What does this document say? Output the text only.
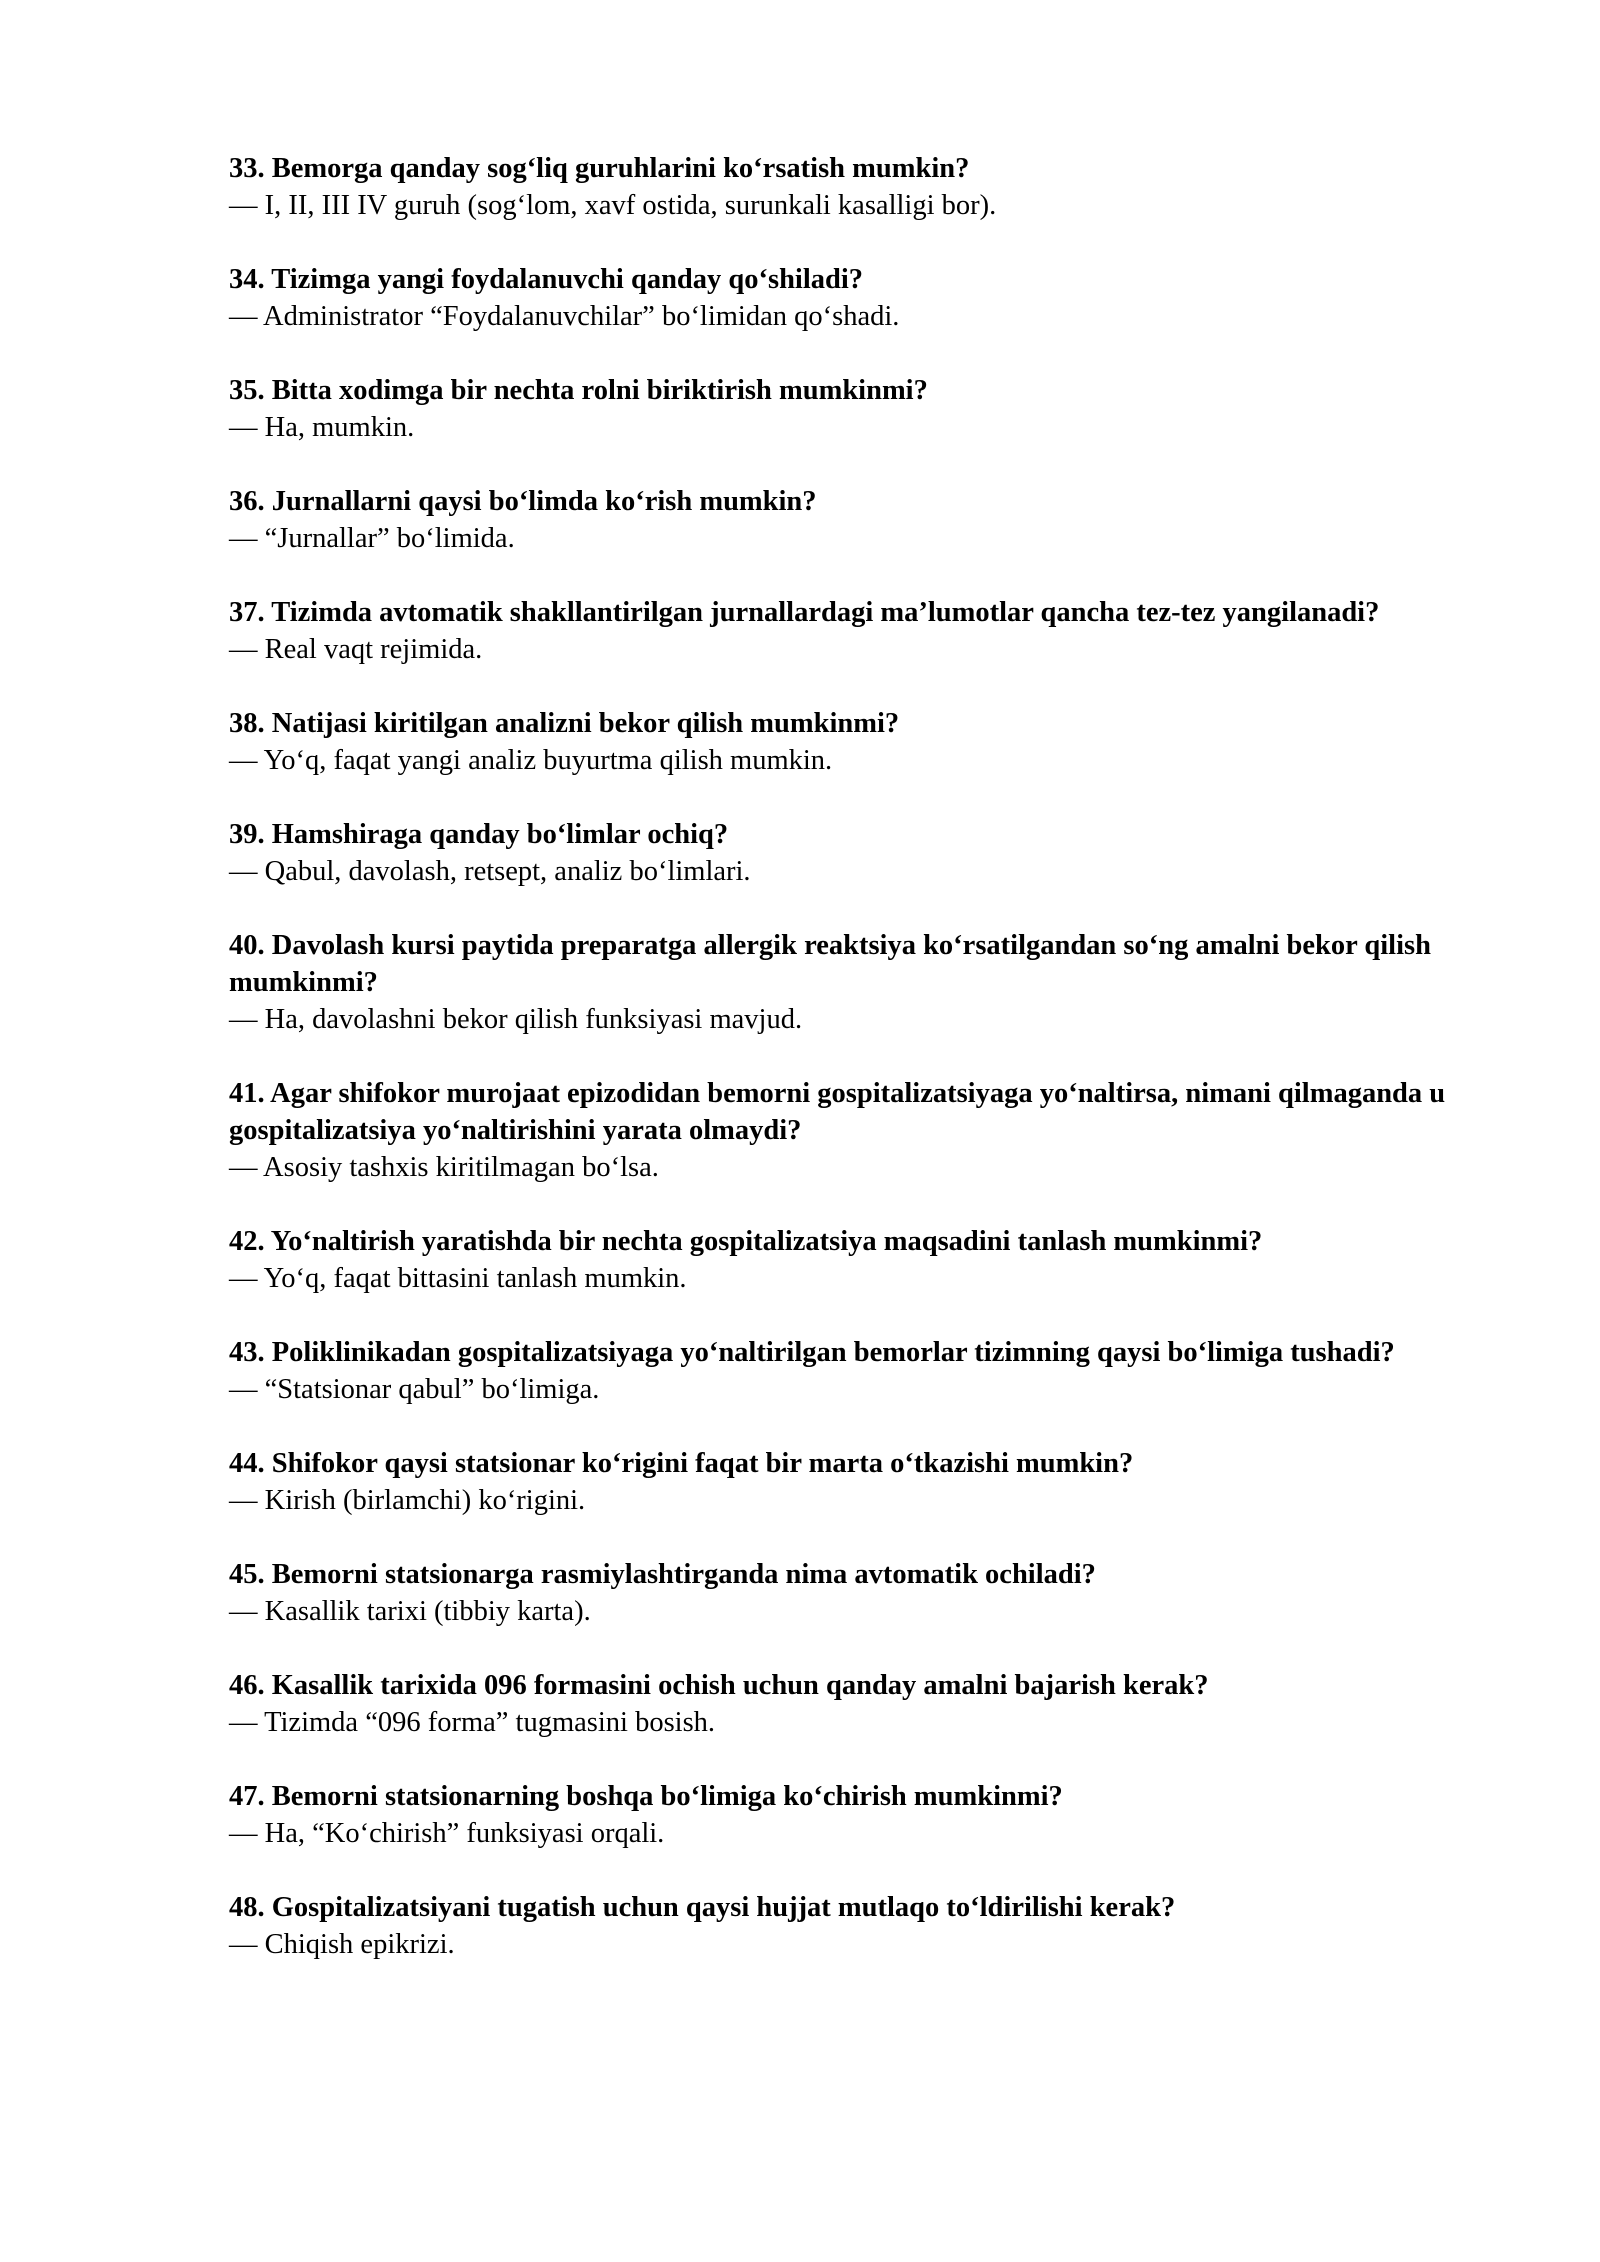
33. Bemorga qanday sog‘liq guruhlarini ko‘rsatish mumkin?

— I, II, III IV guruh (sog‘lom, xavf ostida, surunkali kasalligi bor).

34. Tizimga yangi foydalanuvchi qanday qo‘shiladi?

— Administrator “Foydalanuvchilar” bo‘limidan qo‘shadi.

35. Bitta xodimga bir nechta rolni biriktirish mumkinmi?

— Ha, mumkin.

36. Jurnallarni qaysi bo‘limda ko‘rish mumkin?

— “Jurnallar” bo‘limida.

37. Tizimda avtomatik shakllantirilgan jurnallardagi ma’lumotlar qancha tez-tez yangilanadi?

— Real vaqt rejimida.

38. Natijasi kiritilgan analizni bekor qilish mumkinmi?

— Yo‘q, faqat yangi analiz buyurtma qilish mumkin.

39. Hamshiraga qanday bo‘limlar ochiq?

— Qabul, davolash, retsept, analiz bo‘limlari.

40. Davolash kursi paytida preparatga allergik reaktsiya ko‘rsatilgandan so‘ng amalni bekor qilish mumkinmi?

— Ha, davolashni bekor qilish funksiyasi mavjud.

41. Agar shifokor murojaat epizodidan bemorni gospitalizatsiyaga yo‘naltirsa, nimani qilmaganda u gospitalizatsiya yo‘naltirishini yarata olmaydi?

— Asosiy tashxis kiritilmagan bo‘lsa.

42. Yo‘naltirish yaratishda bir nechta gospitalizatsiya maqsadini tanlash mumkinmi?

— Yo‘q, faqat bittasini tanlash mumkin.

43. Poliklinikadan gospitalizatsiyaga yo‘naltirilgan bemorlar tizimning qaysi bo‘limiga tushadi?

— “Statsionar qabul” bo‘limiga.

44. Shifokor qaysi statsionar ko‘rigini faqat bir marta o‘tkazishi mumkin?

— Kirish (birlamchi) ko‘rigini.

45. Bemorni statsionarga rasmiylashtirganda nima avtomatik ochiladi?

— Kasallik tarixi (tibbiy karta).

46. Kasallik tarixida 096 formasini ochish uchun qanday amalni bajarish kerak?

— Tizimda “096 forma” tugmasini bosish.

47. Bemorni statsionarning boshqa bo‘limiga ko‘chirish mumkinmi?

— Ha, “Ko‘chirish” funksiyasi orqali.

48. Gospitalizatsiyani tugatish uchun qaysi hujjat mutlaqo to‘ldirilishi kerak?

— Chiqish epikrizi.
